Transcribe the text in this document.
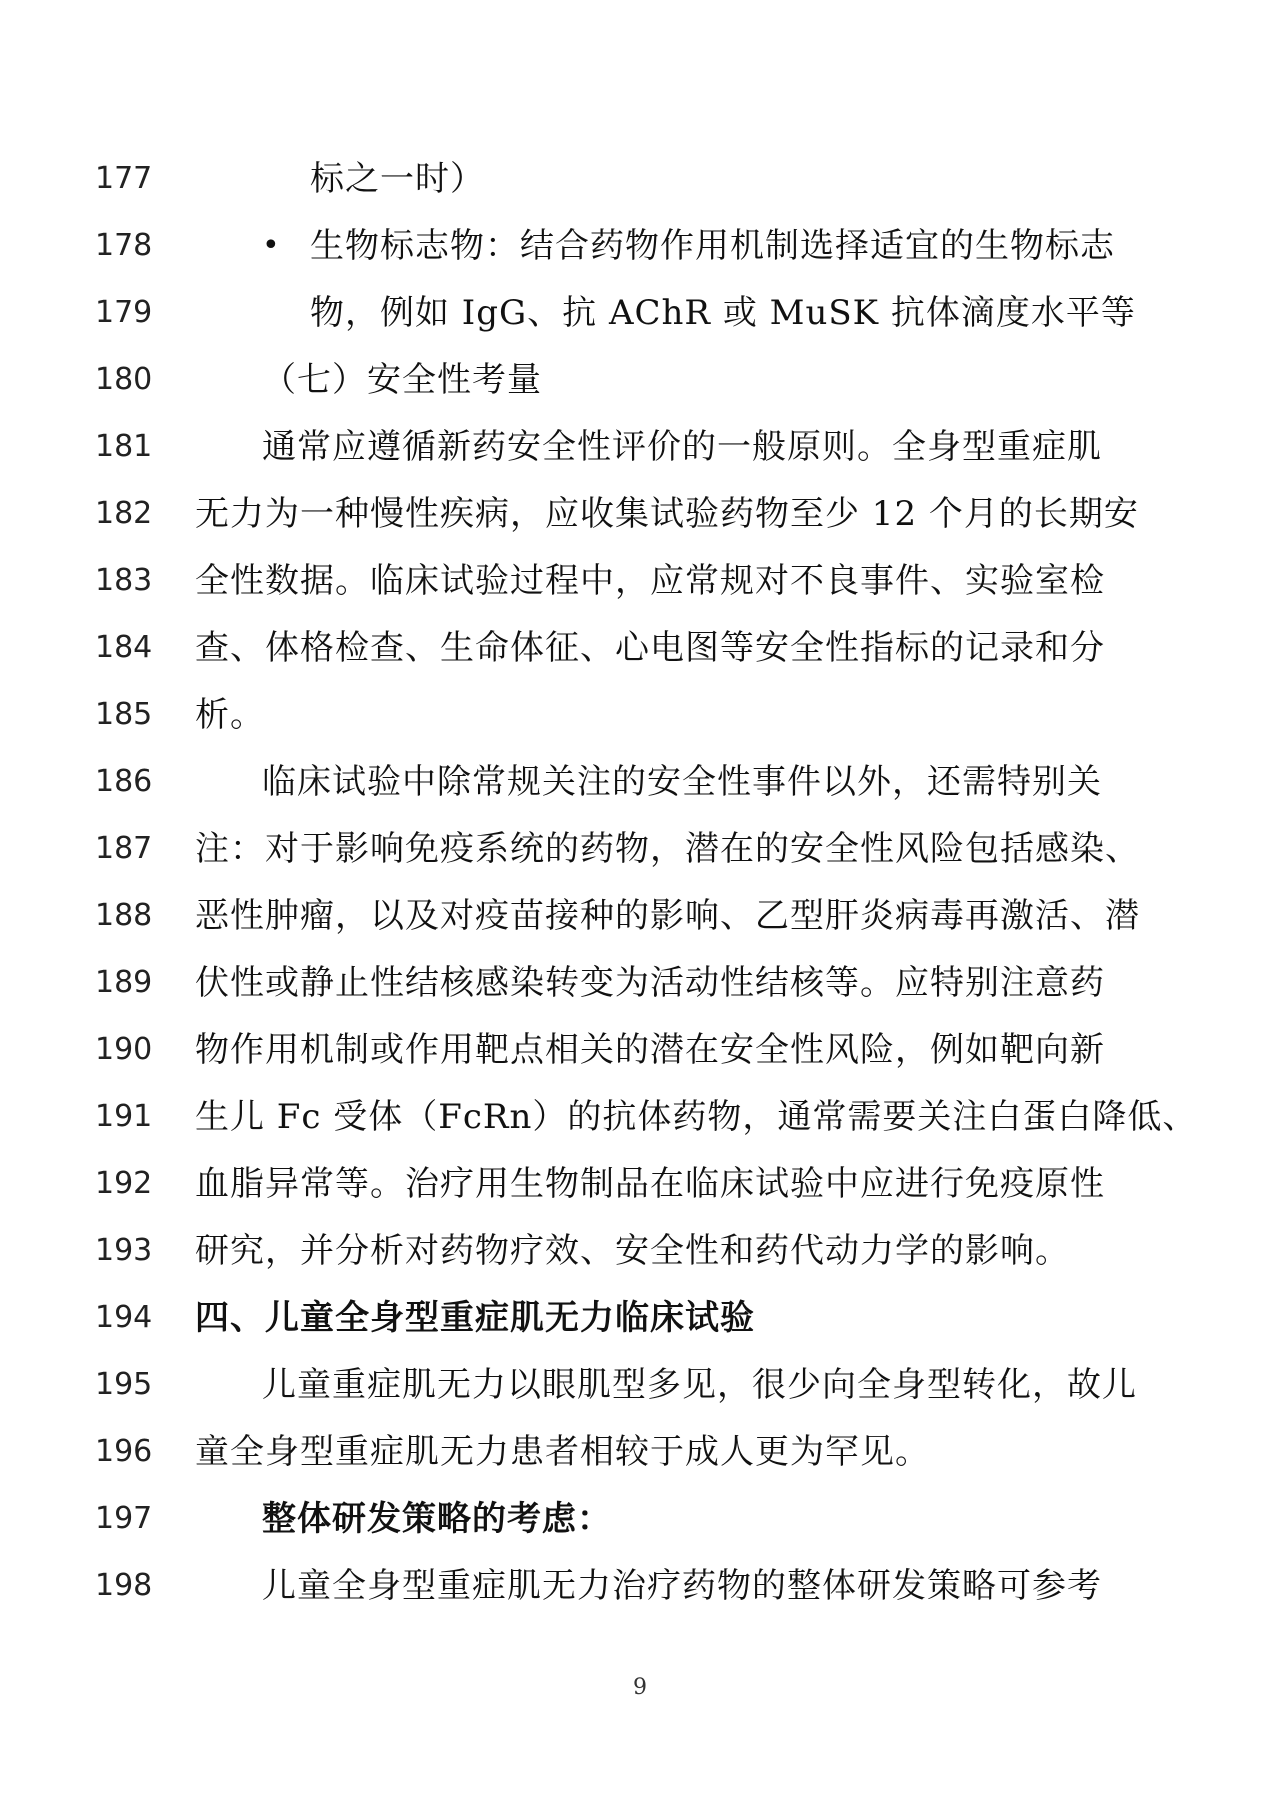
177	标之一时）
178	• 生物标志物：结合药物作用机制选择适宜的生物标志
179	物，例如 IgG、抗 AChR 或 MuSK 抗体滴度水平等
180	（七）安全性考量
181	通常应遵循新药安全性评价的一般原则。全身型重症肌
182 无力为一种慢性疾病，应收集试验药物至少 12 个月的长期安
183 全性数据。临床试验过程中，应常规对不良事件、实验室检
184 查、体格检查、生命体征、心电图等安全性指标的记录和分
185 析。
186	临床试验中除常规关注的安全性事件以外，还需特别关
187 注：对于影响免疫系统的药物，潜在的安全性风险包括感染、
188 恶性肿瘤，以及对疫苗接种的影响、乙型肝炎病毒再激活、潜
189 伏性或静止性结核感染转变为活动性结核等。应特别注意药
190 物作用机制或作用靶点相关的潜在安全性风险，例如靶向新
191 生儿 Fc 受体（FcRn）的抗体药物，通常需要关注白蛋白降低、
192 血脂异常等。治疗用生物制品在临床试验中应进行免疫原性
193 研究，并分析对药物疗效、安全性和药代动力学的影响。
194 四、儿童全身型重症肌无力临床试验
195	儿童重症肌无力以眼肌型多见，很少向全身型转化，故儿
196 童全身型重症肌无力患者相较于成人更为罕见。
197	整体研发策略的考虑：
198	儿童全身型重症肌无力治疗药物的整体研发策略可参考
9
